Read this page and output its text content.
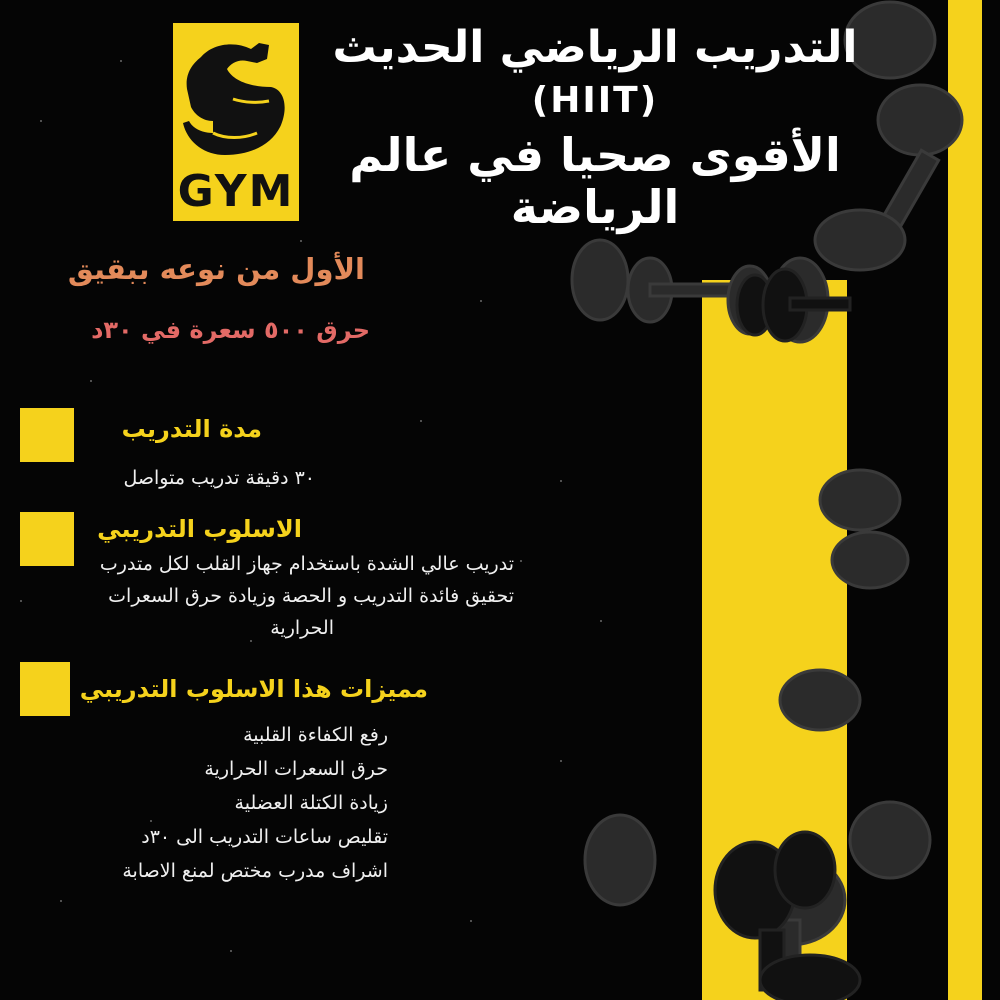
GYM
التدريب الرياضي الحديث
(HIIT)
الأقوى صحيا في عالم
الرياضة
الأول من نوعه ببقيق
حرق ٥٠٠ سعرة في ٣٠د
مدة التدريب
٣٠ دقيقة تدريب متواصل
الاسلوب التدريبي
تدريب عالي الشدة باستخدام جهاز القلب لكل متدرب
تحقيق فائدة التدريب و الحصة وزيادة حرق السعرات
الحرارية
مميزات هذا الاسلوب التدريبي
رفع الكفاءة القلبية
حرق السعرات الحرارية
زيادة الكتلة العضلية
تقليص ساعات التدريب الى ٣٠د
اشراف مدرب مختص لمنع الاصابة
